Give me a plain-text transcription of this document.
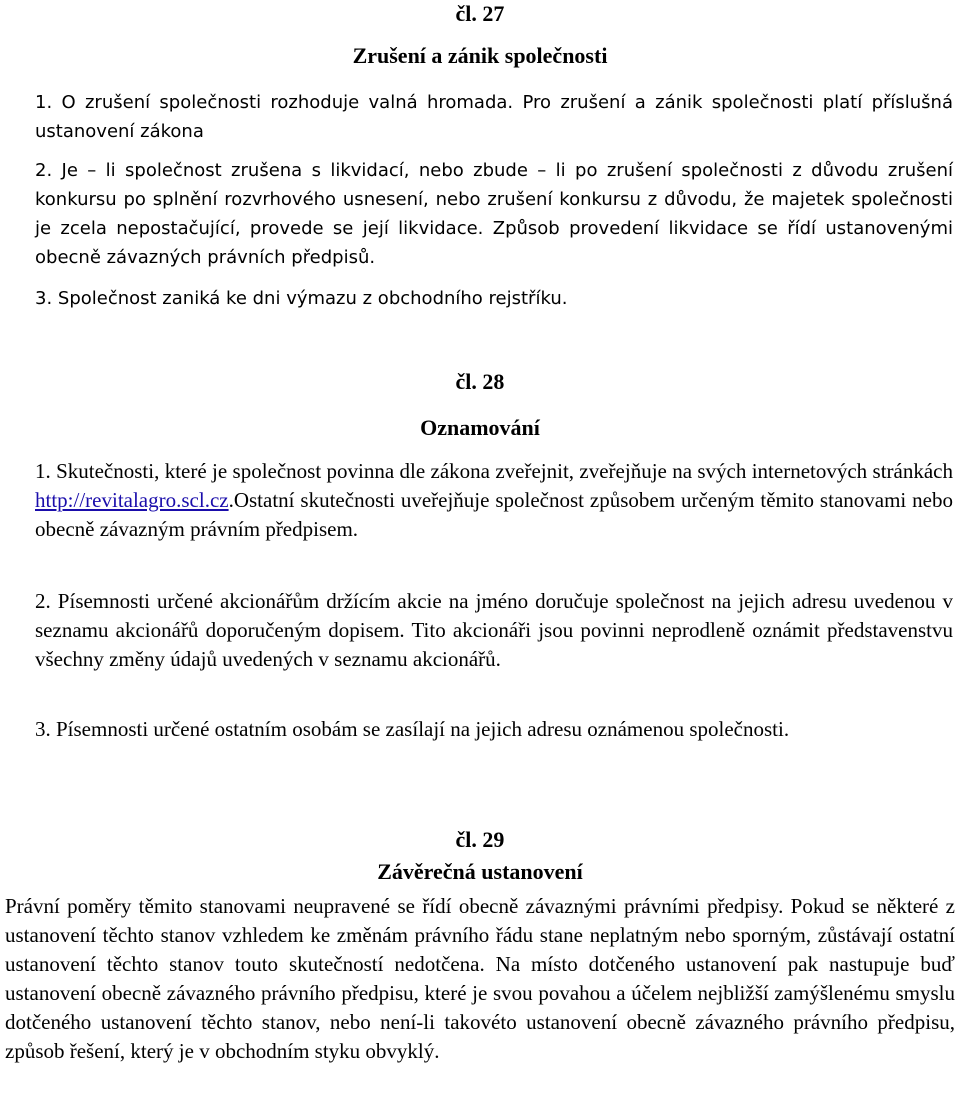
čl. 27
Zrušení a zánik společnosti
1. O zrušení společnosti rozhoduje valná hromada. Pro zrušení a zánik společnosti platí příslušná ustanovení zákona
2. Je – li společnost zrušena s likvidací, nebo zbude – li po zrušení společnosti z důvodu zrušení konkursu po splnění rozvrhového usnesení, nebo zrušení konkursu z důvodu, že majetek společnosti je zcela nepostačující, provede se její likvidace. Způsob provedení likvidace se řídí ustanovenými obecně závazných právních předpisů.
3. Společnost zaniká ke dni výmazu z obchodního rejstříku.
čl. 28
Oznamování
1. Skutečnosti, které je společnost povinna dle zákona zveřejnit, zveřejňuje na svých internetových stránkách http://revitalagro.scl.cz.Ostatní skutečnosti uveřejňuje společnost způsobem určeným těmito stanovami nebo obecně závazným právním předpisem.
2. Písemnosti určené akcionářům držícím akcie na jméno doručuje společnost na jejich adresu uvedenou v seznamu akcionářů doporučeným dopisem. Tito akcionáři jsou povinni neprodleně oznámit představenstvu všechny změny údajů uvedených v seznamu akcionářů.
3. Písemnosti určené ostatním osobám se zasílají na jejich adresu oznámenou společnosti.
čl. 29
Závěrečná ustanovení
Právní poměry těmito stanovami neupravené se řídí obecně závaznými právními předpisy. Pokud se některé z ustanovení těchto stanov vzhledem ke změnám právního řádu stane neplatným nebo sporným, zůstávají ostatní ustanovení těchto stanov touto skutečností nedotčena. Na místo dotčeného ustanovení pak nastupuje buď ustanovení obecně závazného právního předpisu, které je svou povahou a účelem nejbližší zamýšlenému smyslu dotčeného ustanovení těchto stanov, nebo není-li takovéto ustanovení obecně závazného právního předpisu, způsob řešení, který je v obchodním styku obvyklý.
